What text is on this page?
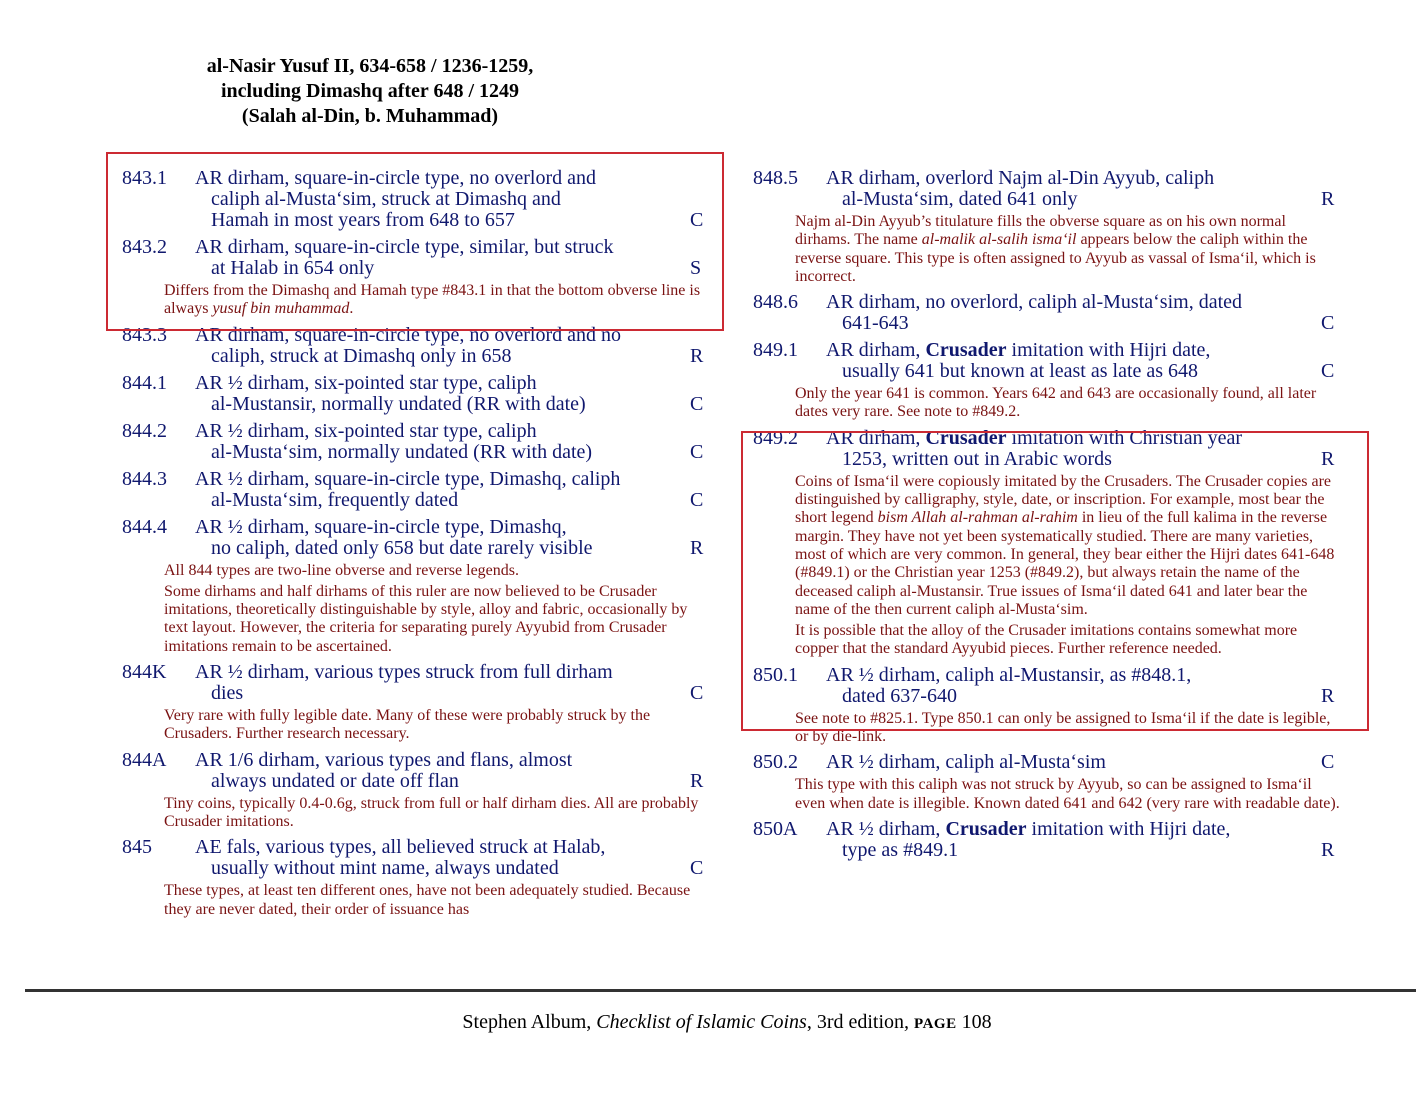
al-Nasir Yusuf II, 634-658 / 1236-1259,
including Dimashq after 648 / 1249
(Salah al-Din, b. Muhammad)
843.1	AR dirham, square-in-circle type, no overlord and
caliph al-Musta‘sim, struck at Dimashq and
Hamah in most years from 648 to 657	C
843.2	AR dirham, square-in-circle type, similar, but struck
at Halab in 654 only	S

Differs from the Dimashq and Hamah type #843.1 in that the bottom obverse line is always yusuf bin muhammad.

843.3	AR dirham, square-in-circle type, no overlord and no
caliph, struck at Dimashq only in 658	R
844.1	AR ½ dirham, six-pointed star type, caliph
al-Mustansir, normally undated (RR with date)	C
844.2	AR ½ dirham, six-pointed star type, caliph
al-Musta‘sim, normally undated (RR with date)	C
844.3	AR ½ dirham, square-in-circle type, Dimashq, caliph
al-Musta‘sim, frequently dated	C
844.4	AR ½ dirham, square-in-circle type, Dimashq,
no caliph, dated only 658 but date rarely visible	R

All 844 types are two-line obverse and reverse legends.

Some dirhams and half dirhams of this ruler are now believed to be Crusader imitations, theoretically distinguishable by style, alloy and fabric, occasionally by text layout. However, the criteria for separating purely Ayyubid from Crusader imitations remain to be ascertained.

844K	AR ½ dirham, various types struck from full dirham
dies	C

Very rare with fully legible date. Many of these were probably struck by the Crusaders. Further research necessary.

844A	AR 1/6 dirham, various types and flans, almost
always undated or date off flan	R

Tiny coins, typically 0.4-0.6g, struck from full or half dirham dies. All are probably Crusader imitations.

845	AE fals, various types, all believed struck at Halab,
usually without mint name, always undated	C

These types, at least ten different ones, have not been adequately studied. Because they are never dated, their order of issuance has

848.5	AR dirham, overlord Najm al-Din Ayyub, caliph
al-Musta‘sim, dated 641 only	R

Najm al-Din Ayyub’s titulature fills the obverse square as on his own normal dirhams. The name al-malik al-salih isma‘il appears below the caliph within the reverse square. This type is often assigned to Ayyub as vassal of Isma‘il, which is incorrect.

848.6	AR dirham, no overlord, caliph al-Musta‘sim, dated
641-643	C
849.1	AR dirham, Crusader imitation with Hijri date,
usually 641 but known at least as late as 648	C

Only the year 641 is common. Years 642 and 643 are occasionally found, all later dates very rare. See note to #849.2.

849.2	AR dirham, Crusader imitation with Christian year
1253, written out in Arabic words	R

Coins of Isma‘il were copiously imitated by the Crusaders. The Crusader copies are distinguished by calligraphy, style, date, or inscription. For example, most bear the short legend bism Allah al-rahman al-rahim in lieu of the full kalima in the reverse margin. They have not yet been systematically studied. There are many varieties, most of which are very common. In general, they bear either the Hijri dates 641-648 (#849.1) or the Christian year 1253 (#849.2), but always retain the name of the deceased caliph al-Mustansir. True issues of Isma‘il dated 641 and later bear the name of the then current caliph al-Musta‘sim.

It is possible that the alloy of the Crusader imitations contains somewhat more copper that the standard Ayyubid pieces. Further reference needed.

850.1	AR ½ dirham, caliph al-Mustansir, as #848.1,
dated 637-640	R

See note to #825.1. Type 850.1 can only be assigned to Isma‘il if the date is legible, or by die-link.

850.2	AR ½ dirham, caliph al-Musta‘sim	C

This type with this caliph was not struck by Ayyub, so can be assigned to Isma‘il even when date is illegible. Known dated 641 and 642 (very rare with readable date).

850A	AR ½ dirham, Crusader imitation with Hijri date,
type as #849.1	R
Stephen Album, Checklist of Islamic Coins, 3rd edition, PAGE 108
